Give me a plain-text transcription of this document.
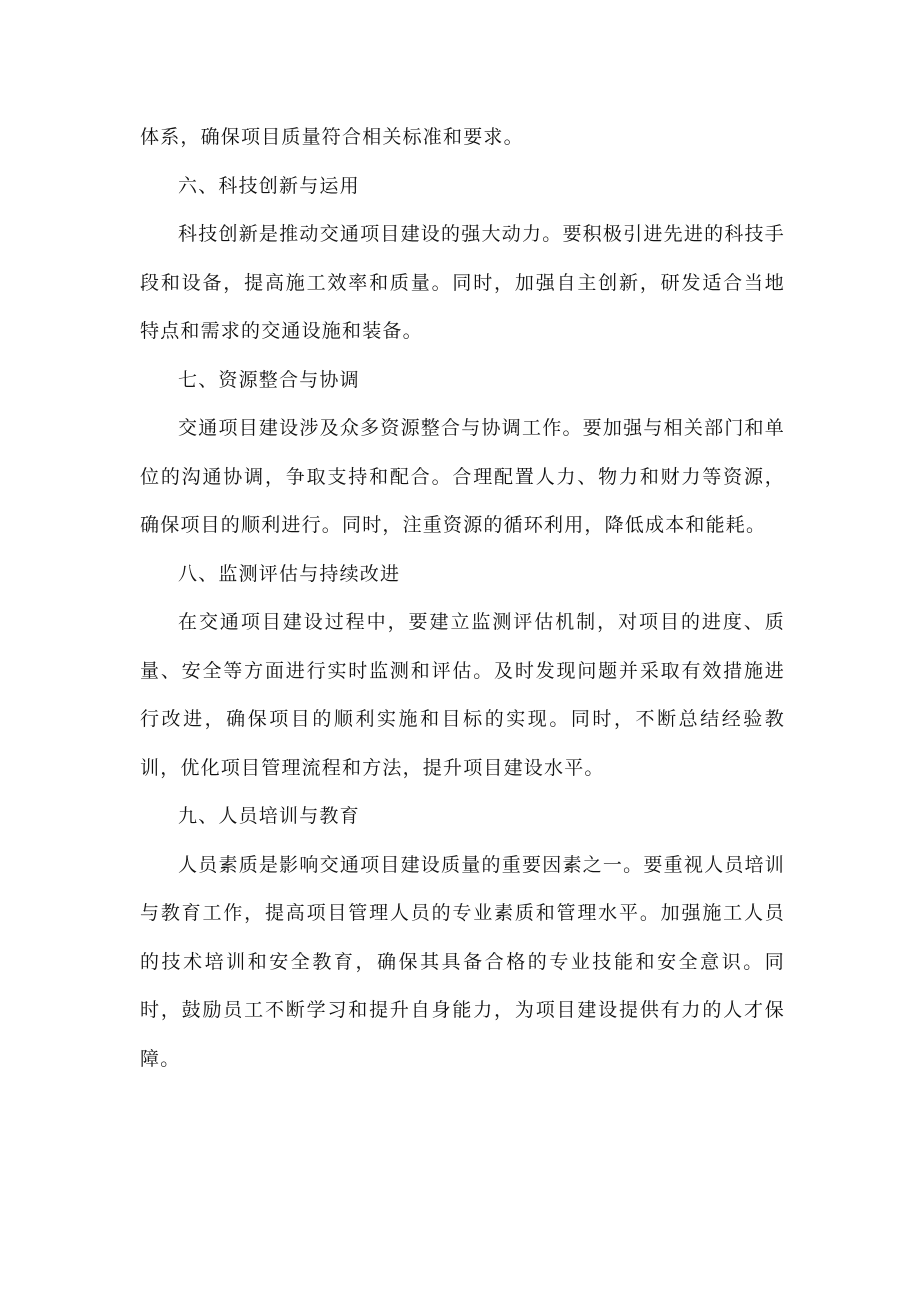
体系，确保项目质量符合相关标准和要求。

六、科技创新与运用

科技创新是推动交通项目建设的强大动力。要积极引进先进的科技手段和设备，提高施工效率和质量。同时，加强自主创新，研发适合当地特点和需求的交通设施和装备。

七、资源整合与协调

交通项目建设涉及众多资源整合与协调工作。要加强与相关部门和单位的沟通协调，争取支持和配合。合理配置人力、物力和财力等资源，确保项目的顺利进行。同时，注重资源的循环利用，降低成本和能耗。

八、监测评估与持续改进

在交通项目建设过程中，要建立监测评估机制，对项目的进度、质量、安全等方面进行实时监测和评估。及时发现问题并采取有效措施进行改进，确保项目的顺利实施和目标的实现。同时，不断总结经验教训，优化项目管理流程和方法，提升项目建设水平。

九、人员培训与教育

人员素质是影响交通项目建设质量的重要因素之一。要重视人员培训与教育工作，提高项目管理人员的专业素质和管理水平。加强施工人员的技术培训和安全教育，确保其具备合格的专业技能和安全意识。同时，鼓励员工不断学习和提升自身能力，为项目建设提供有力的人才保障。
